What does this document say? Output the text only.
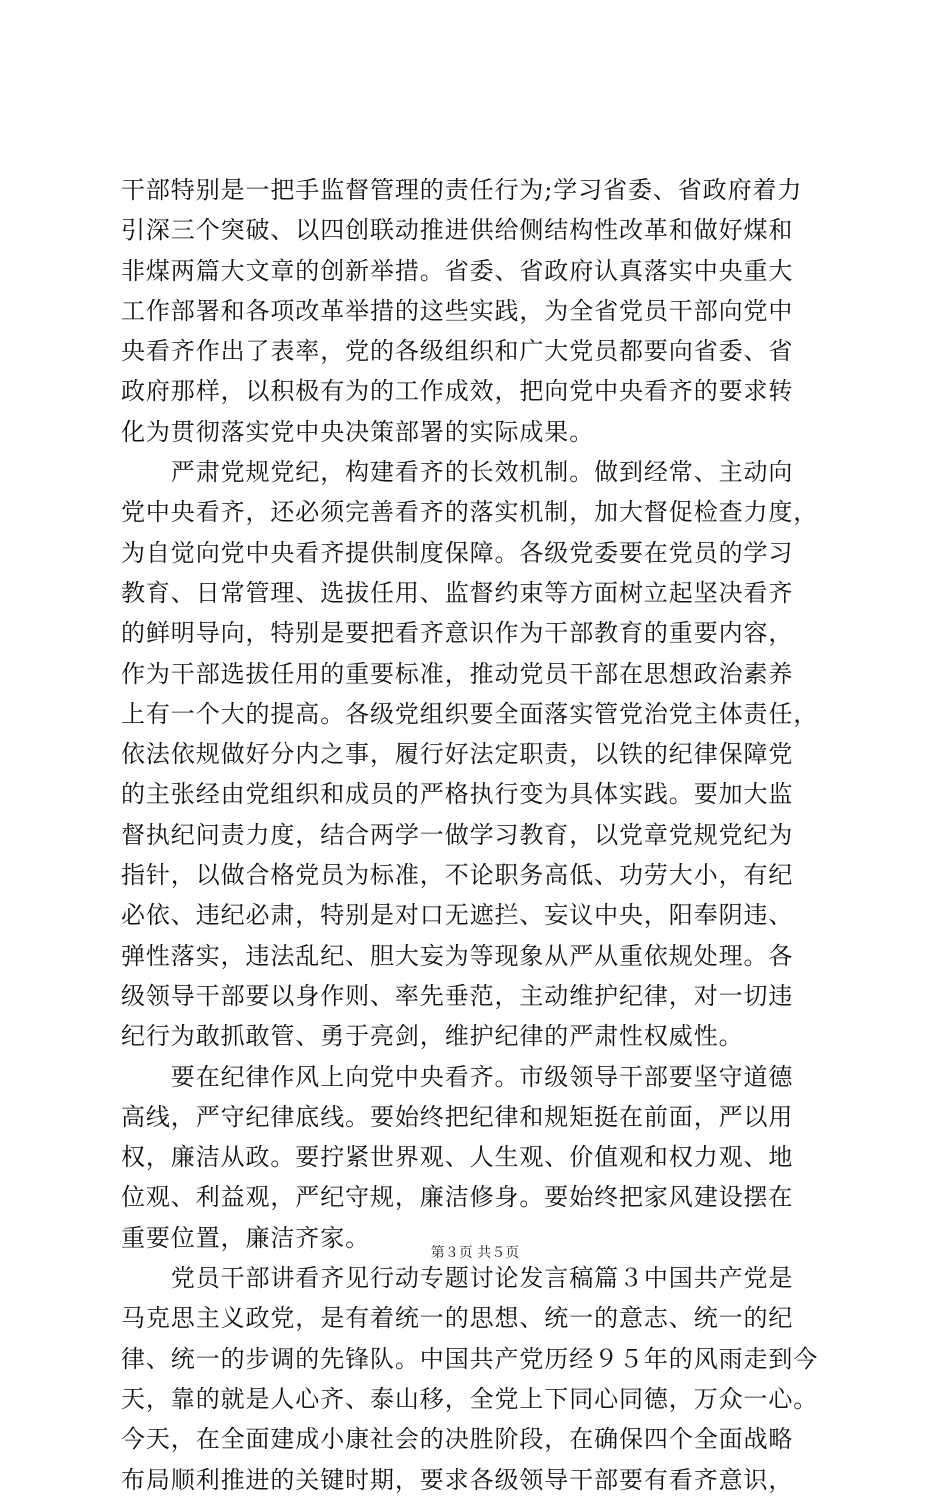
干部特别是一把手监督管理的责任行为;学习省委、省政府着力
引深三个突破、以四创联动推进供给侧结构性改革和做好煤和
非煤两篇大文章的创新举措。省委、省政府认真落实中央重大
工作部署和各项改革举措的这些实践，为全省党员干部向党中
央看齐作出了表率，党的各级组织和广大党员都要向省委、省
政府那样，以积极有为的工作成效，把向党中央看齐的要求转
化为贯彻落实党中央决策部署的实际成果。
　　严肃党规党纪，构建看齐的长效机制。做到经常、主动向
党中央看齐，还必须完善看齐的落实机制，加大督促检查力度，
为自觉向党中央看齐提供制度保障。各级党委要在党员的学习
教育、日常管理、选拔任用、监督约束等方面树立起坚决看齐
的鲜明导向，特别是要把看齐意识作为干部教育的重要内容，
作为干部选拔任用的重要标准，推动党员干部在思想政治素养
上有一个大的提高。各级党组织要全面落实管党治党主体责任，
依法依规做好分内之事，履行好法定职责，以铁的纪律保障党
的主张经由党组织和成员的严格执行变为具体实践。要加大监
督执纪问责力度，结合两学一做学习教育，以党章党规党纪为
指针，以做合格党员为标准，不论职务高低、功劳大小，有纪
必依、违纪必肃，特别是对口无遮拦、妄议中央，阳奉阴违、
弹性落实，违法乱纪、胆大妄为等现象从严从重依规处理。各
级领导干部要以身作则、率先垂范，主动维护纪律，对一切违
纪行为敢抓敢管、勇于亮剑，维护纪律的严肃性权威性。
　　要在纪律作风上向党中央看齐。市级领导干部要坚守道德
高线，严守纪律底线。要始终把纪律和规矩挺在前面，严以用
权，廉洁从政。要拧紧世界观、人生观、价值观和权力观、地
位观、利益观，严纪守规，廉洁修身。要始终把家风建设摆在
重要位置，廉洁齐家。
　　党员干部讲看齐见行动专题讨论发言稿篇３中国共产党是
马克思主义政党，是有着统一的思想、统一的意志、统一的纪
律、统一的步调的先锋队。中国共产党历经９５年的风雨走到今
天，靠的就是人心齐、泰山移，全党上下同心同德，万众一心。
今天，在全面建成小康社会的决胜阶段，在确保四个全面战略
布局顺利推进的关键时期，要求各级领导干部要有看齐意识，
第３页 共５页
